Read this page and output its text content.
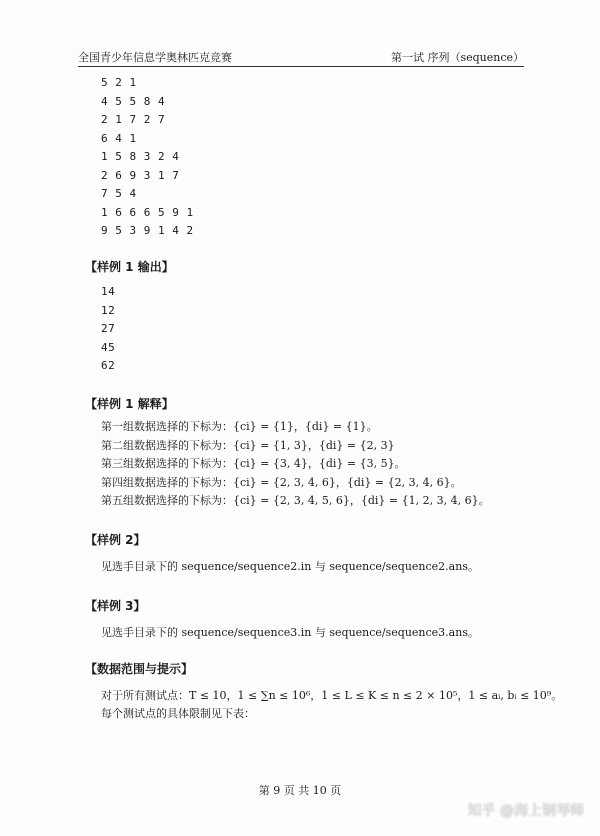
全国青少年信息学奥林匹克竞赛	第一试 序列（sequence）
5 2 1
4 5 5 8 4
2 1 7 2 7
6 4 1
1 5 8 3 2 4
2 6 9 3 1 7
7 5 4
1 6 6 6 5 9 1
9 5 3 9 1 4 2
【样例 1 输出】
14
12
27
45
62
【样例 1 解释】
第一组数据选择的下标为：{ci} = {1}，{di} = {1}。
第二组数据选择的下标为：{ci} = {1, 3}，{di} = {2, 3}
第三组数据选择的下标为：{ci} = {3, 4}，{di} = {3, 5}。
第四组数据选择的下标为：{ci} = {2, 3, 4, 6}，{di} = {2, 3, 4, 6}。
第五组数据选择的下标为：{ci} = {2, 3, 4, 5, 6}，{di} = {1, 2, 3, 4, 6}。
【样例 2】
见选手目录下的 sequence/sequence2.in 与 sequence/sequence2.ans。
【样例 3】
见选手目录下的 sequence/sequence3.in 与 sequence/sequence3.ans。
【数据范围与提示】
对于所有测试点：T ≤ 10，1 ≤ ∑n ≤ 10⁶，1 ≤ L ≤ K ≤ n ≤ 2 × 10⁵，1 ≤ aᵢ, bᵢ ≤ 10⁹。
每个测试点的具体限制见下表：
第 9 页 共 10 页
知乎 @海上钢琴师
